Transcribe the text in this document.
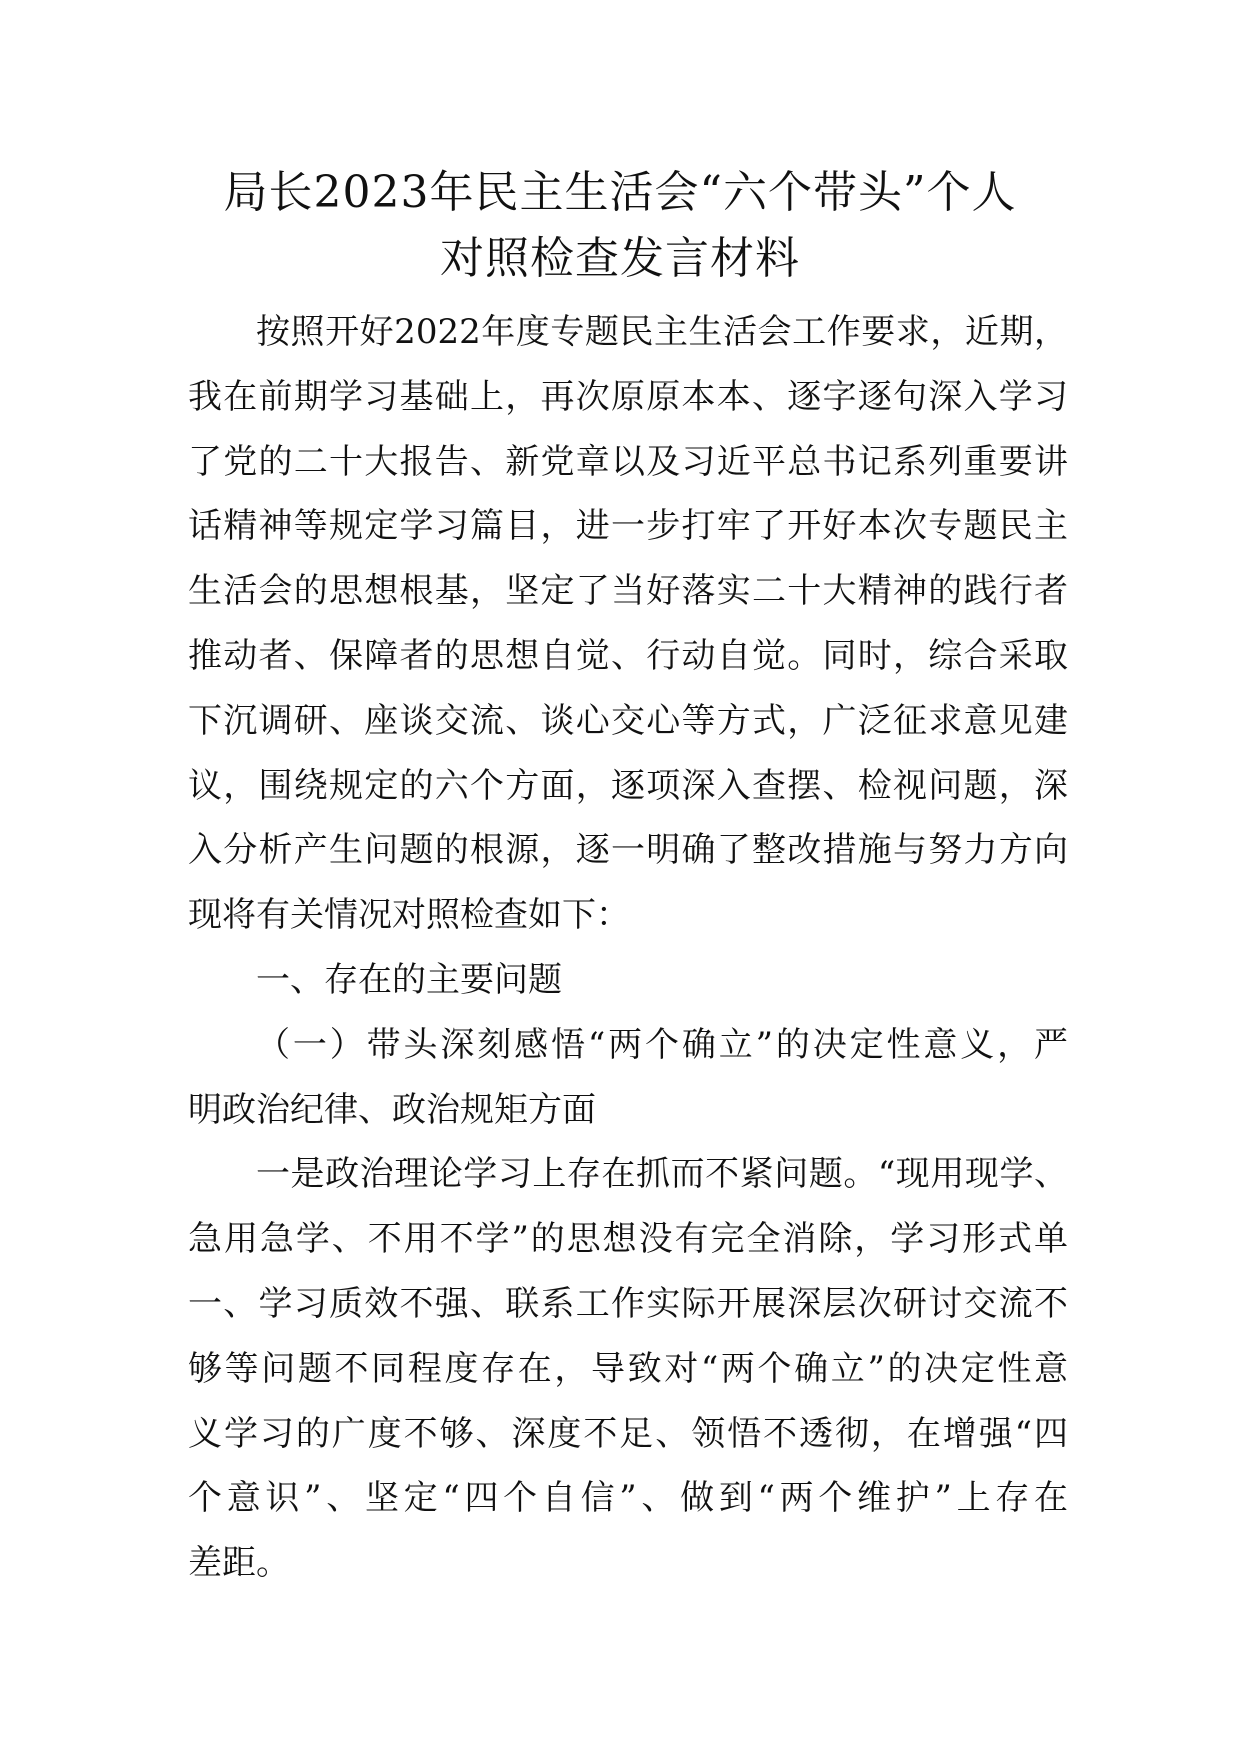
局长2023年民主生活会“六个带头”个人
对照检查发言材料
按照开好2022年度专题民主生活会工作要求，近期，
我在前期学习基础上，再次原原本本、逐字逐句深入学习
了党的二十大报告、新党章以及习近平总书记系列重要讲
话精神等规定学习篇目，进一步打牢了开好本次专题民主
生活会的思想根基，坚定了当好落实二十大精神的践行者
推动者、保障者的思想自觉、行动自觉。同时，综合采取
下沉调研、座谈交流、谈心交心等方式，广泛征求意见建
议，围绕规定的六个方面，逐项深入查摆、检视问题，深
入分析产生问题的根源，逐一明确了整改措施与努力方向
现将有关情况对照检查如下：
一、存在的主要问题
（一）带头深刻感悟“两个确立”的决定性意义，严
明政治纪律、政治规矩方面
一是政治理论学习上存在抓而不紧问题。“现用现学、
急用急学、不用不学”的思想没有完全消除，学习形式单
一、学习质效不强、联系工作实际开展深层次研讨交流不
够等问题不同程度存在，导致对“两个确立”的决定性意
义学习的广度不够、深度不足、领悟不透彻，在增强“四
个意识”、坚定“四个自信”、做到“两个维护”上存在
差距。
